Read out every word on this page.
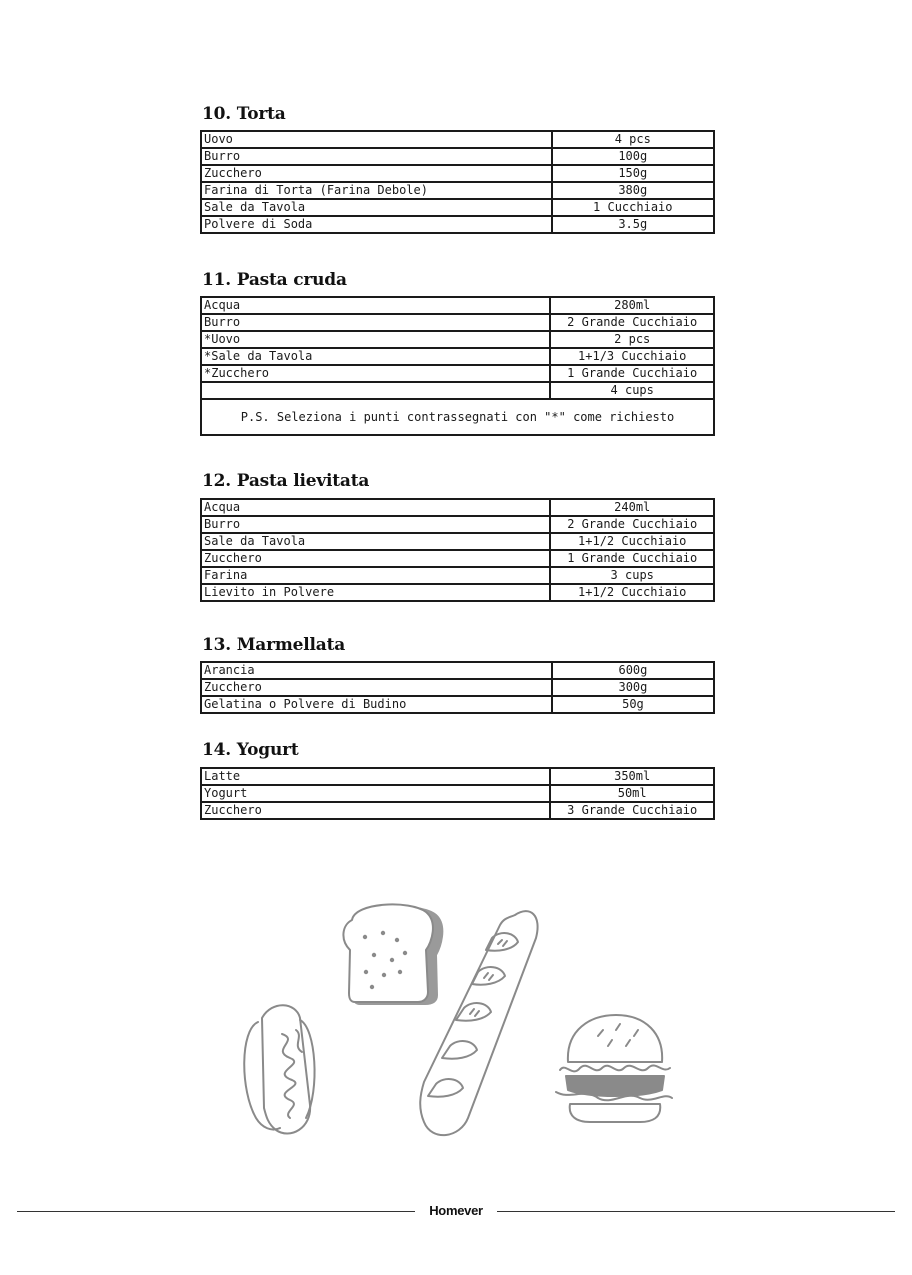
10. Torta
Uovo	4 pcs
Burro	100g
Zucchero	150g
Farina di Torta (Farina Debole)	380g
Sale da Tavola	1 Cucchiaio
Polvere di Soda	3.5g
11. Pasta cruda
Acqua	280ml
Burro	2 Grande Cucchiaio
*Uovo	2 pcs
*Sale da Tavola	1+1/3 Cucchiaio
*Zucchero	1 Grande Cucchiaio
	4 cups
P.S. Seleziona i punti contrassegnati con "*" come richiesto	
12. Pasta lievitata
Acqua	240ml
Burro	2 Grande Cucchiaio
Sale da Tavola	1+1/2 Cucchiaio
Zucchero	1 Grande Cucchiaio
Farina	3 cups
Lievito in Polvere	1+1/2 Cucchiaio
13. Marmellata
Arancia	600g
Zucchero	300g
Gelatina o Polvere di Budino	50g
14. Yogurt
Latte	350ml
Yogurt	50ml
Zucchero	3 Grande Cucchiaio
Homever
